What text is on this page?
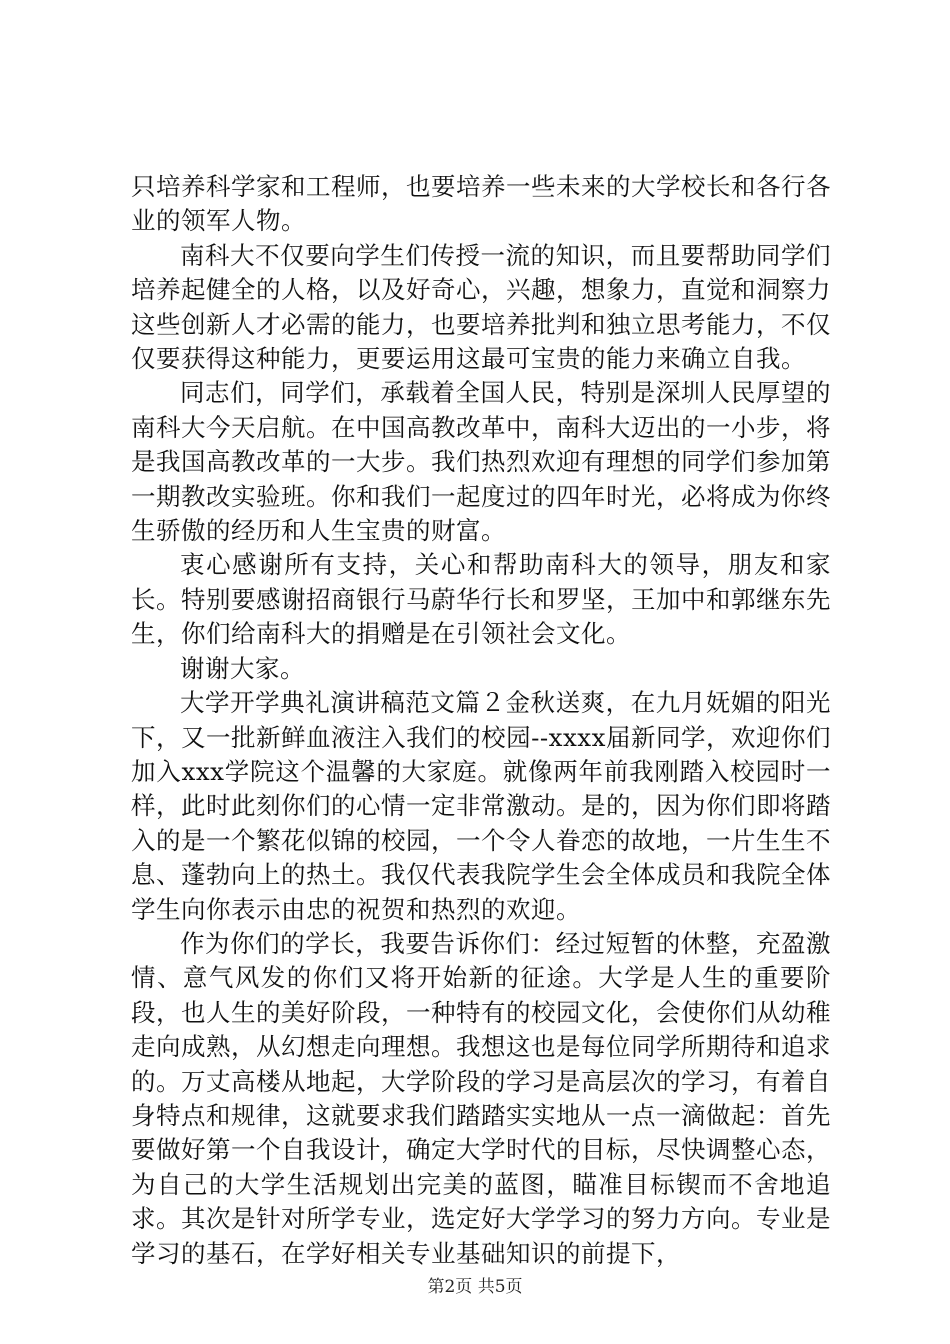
只培养科学家和工程师，也要培养一些未来的大学校长和各行各业的领军人物。

南科大不仅要向学生们传授一流的知识，而且要帮助同学们培养起健全的人格，以及好奇心，兴趣，想象力，直觉和洞察力这些创新人才必需的能力，也要培养批判和独立思考能力，不仅仅要获得这种能力，更要运用这最可宝贵的能力来确立自我。

同志们，同学们，承载着全国人民，特别是深圳人民厚望的南科大今天启航。在中国高教改革中，南科大迈出的一小步，将是我国高教改革的一大步。我们热烈欢迎有理想的同学们参加第一期教改实验班。你和我们一起度过的四年时光，必将成为你终生骄傲的经历和人生宝贵的财富。

衷心感谢所有支持，关心和帮助南科大的领导，朋友和家长。特别要感谢招商银行马蔚华行长和罗坚，王加中和郭继东先生，你们给南科大的捐赠是在引领社会文化。

谢谢大家。

大学开学典礼演讲稿范文篇２金秋送爽，在九月妩媚的阳光下，又一批新鲜血液注入我们的校园--xxxx届新同学，欢迎你们加入xxx学院这个温馨的大家庭。就像两年前我刚踏入校园时一样，此时此刻你们的心情一定非常激动。是的，因为你们即将踏入的是一个繁花似锦的校园，一个令人眷恋的故地，一片生生不息、蓬勃向上的热土。我仅代表我院学生会全体成员和我院全体学生向你表示由忠的祝贺和热烈的欢迎。

作为你们的学长，我要告诉你们：经过短暂的休整，充盈激情、意气风发的你们又将开始新的征途。大学是人生的重要阶段，也人生的美好阶段，一种特有的校园文化，会使你们从幼稚走向成熟，从幻想走向理想。我想这也是每位同学所期待和追求的。万丈高楼从地起，大学阶段的学习是高层次的学习，有着自身特点和规律，这就要求我们踏踏实实地从一点一滴做起：首先要做好第一个自我设计，确定大学时代的目标，尽快调整心态，为自己的大学生活规划出完美的蓝图，瞄准目标锲而不舍地追求。其次是针对所学专业，选定好大学学习的努力方向。专业是学习的基石，在学好相关专业基础知识的前提下，

第2页 共5页
